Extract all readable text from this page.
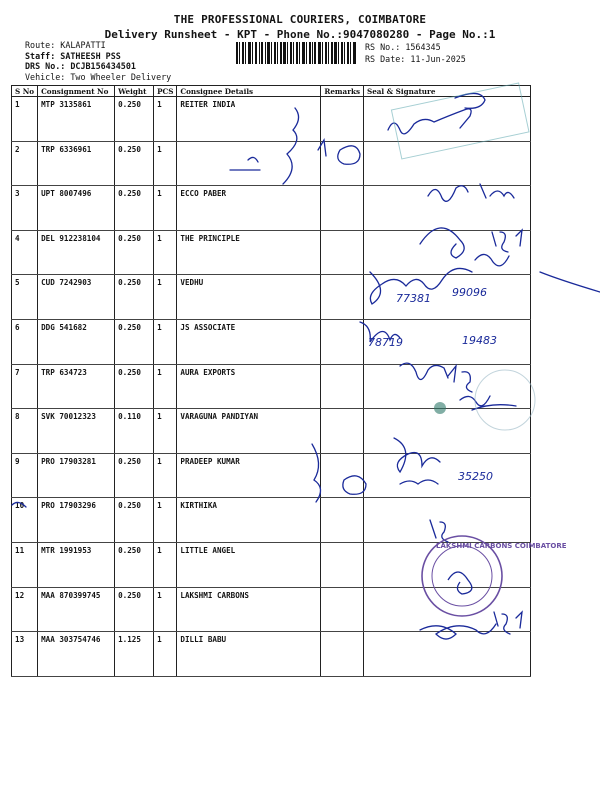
THE PROFESSIONAL COURIERS, COIMBATORE
Delivery Runsheet - KPT - Phone No.:9047080280 - Page No.:1
Route: KALAPATTI
Staff: SATHEESH PSS
DRS No.: DCJB156434501
Vehicle: Two Wheeler Delivery
RS No.: 1564345
RS Date: 11-Jun-2025
S No	Consignment No	Weight	PCS	Consignee Details	Remarks	Seal & Signature
1	MTP 3135861	0.250	1	REITER INDIA		
2	TRP 6336961	0.250	1			
3	UPT 8007496	0.250	1	ECCO PABER		
4	DEL 912238104	0.250	1	THE PRINCIPLE		
5	CUD 7242903	0.250	1	VEDHU		
6	DDG 541682	0.250	1	JS ASSOCIATE		
7	TRP 634723	0.250	1	AURA EXPORTS		
8	SVK 70012323	0.110	1	VARAGUNA PANDIYAN		
9	PRO 17903281	0.250	1	PRADEEP KUMAR		
10	PRO 17903296	0.250	1	KIRTHIKA		
11	MTR 1991953	0.250	1	LITTLE ANGEL		
12	MAA 870399745	0.250	1	LAKSHMI CARBONS		
13	MAA 303754746	1.125	1	DILLI BABU		
78719	19483
77381 99096
35250
LAKSHMI CARBONS COIMBATORE
